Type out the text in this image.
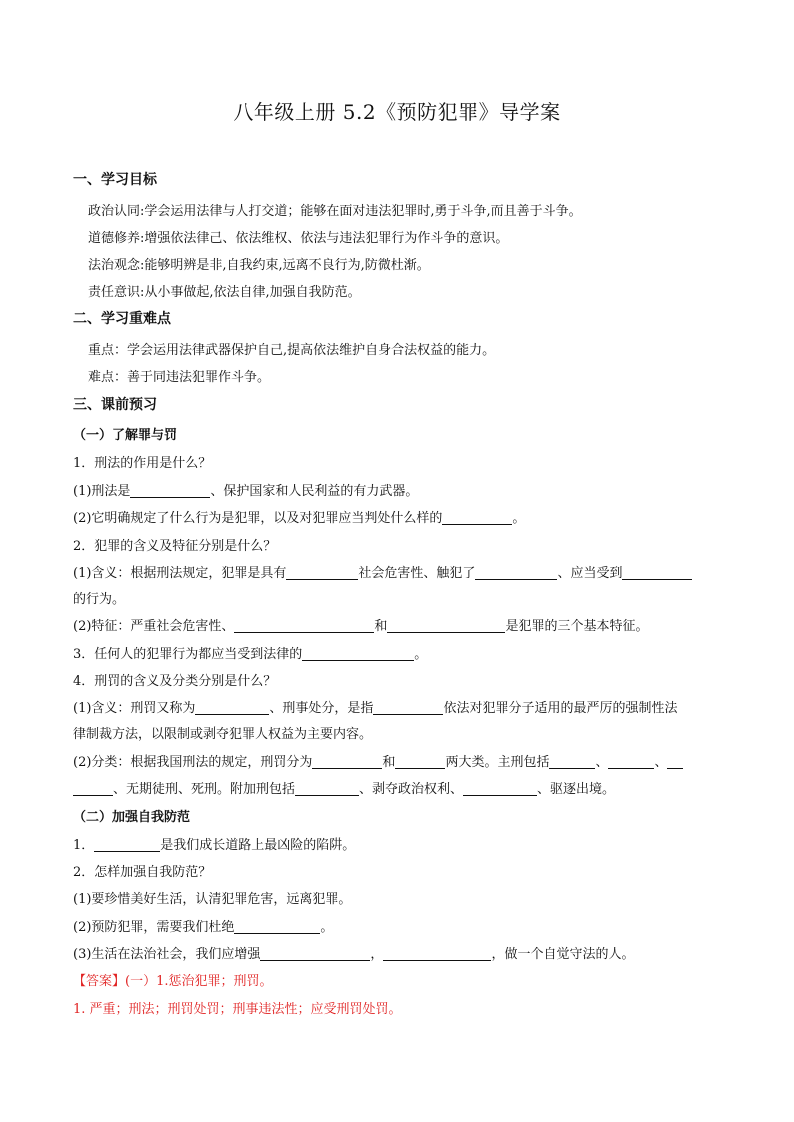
八年级上册 5.2《预防犯罪》导学案
一、学习目标
政治认同:学会运用法律与人打交道；能够在面对违法犯罪时,勇于斗争,而且善于斗争。
道德修养:增强依法律己、依法维权、依法与违法犯罪行为作斗争的意识。
法治观念:能够明辨是非,自我约束,远离不良行为,防微杜渐。
责任意识:从小事做起,依法自律,加强自我防范。
二、学习重难点
重点：学会运用法律武器保护自己,提高依法维护自身合法权益的能力。
难点：善于同违法犯罪作斗争。
三、课前预习
（一）了解罪与罚
1．刑法的作用是什么？
(1)刑法是	、保护国家和人民利益的有力武器。
(2)它明确规定了什么行为是犯罪，以及对犯罪应当判处什么样的	。
2．犯罪的含义及特征分别是什么？
(1)含义：根据刑法规定，犯罪是具有	社会危害性、触犯了	、应当受到
的行为。
(2)特征：严重社会危害性、	和	是犯罪的三个基本特征。
3．任何人的犯罪行为都应当受到法律的	。
4．刑罚的含义及分类分别是什么？
(1)含义：刑罚又称为	、刑事处分，是指	依法对犯罪分子适用的最严厉的强制性法
律制裁方法，以限制或剥夺犯罪人权益为主要内容。
(2)分类：根据我国刑法的规定，刑罚分为	和	两大类。主刑包括	、	、
、无期徒刑、死刑。附加刑包括	、剥夺政治权利、	、驱逐出境。
（二）加强自我防范
1．	是我们成长道路上最凶险的陷阱。
2．怎样加强自我防范？
(1)要珍惜美好生活，认清犯罪危害，远离犯罪。
(2)预防犯罪，需要我们杜绝	。
(3)生活在法治社会，我们应增强	，	，做一个自觉守法的人。
【答案】(一）1.惩治犯罪；刑罚。
1. 严重；刑法；刑罚处罚；刑事违法性；应受刑罚处罚。
